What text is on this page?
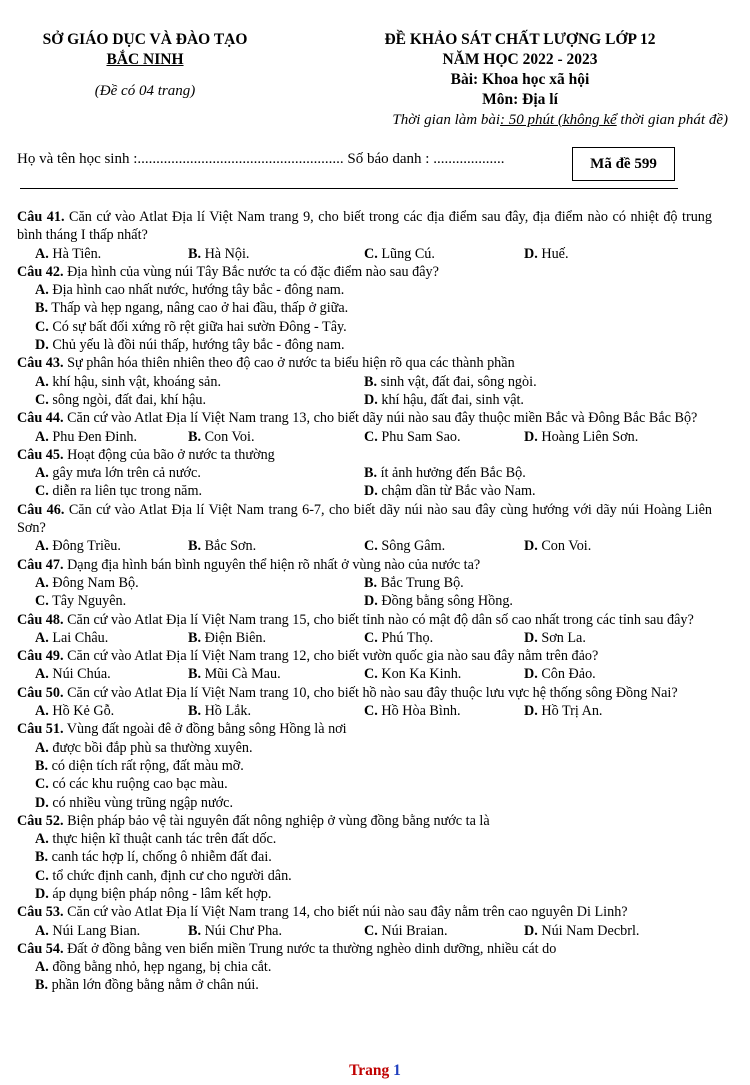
SỞ GIÁO DỤC VÀ ĐÀO TẠO
BẮC NINH
(Đề có 04 trang)
ĐỀ KHẢO SÁT CHẤT LƯỢNG LỚP 12
NĂM HỌC 2022 - 2023
Bài: Khoa học xã hội
Môn: Địa lí
Thời gian làm bài: 50 phút (không kể thời gian phát đề)
Họ và tên học sinh :....................................................... Số báo danh : ...................	Mã đề 599
Câu 41. Căn cứ vào Atlat Địa lí Việt Nam trang 9, cho biết trong các địa điểm sau đây, địa điểm nào có nhiệt độ trung bình tháng I thấp nhất?
A. Hà Tiên.	B. Hà Nội.	C. Lũng Cú.	D. Huế.
Câu 42. Địa hình của vùng núi Tây Bắc nước ta có đặc điểm nào sau đây?
A. Địa hình cao nhất nước, hướng tây bắc - đông nam.
B. Thấp và hẹp ngang, nâng cao ở hai đầu, thấp ở giữa.
C. Có sự bất đối xứng rõ rệt giữa hai sườn Đông - Tây.
D. Chủ yếu là đồi núi thấp, hướng tây bắc - đông nam.
Câu 43. Sự phân hóa thiên nhiên theo độ cao ở nước ta biểu hiện rõ qua các thành phần
A. khí hậu, sinh vật, khoáng sản.	B. sinh vật, đất đai, sông ngòi.
C. sông ngòi, đất đai, khí hậu.	D. khí hậu, đất đai, sinh vật.
Câu 44. Căn cứ vào Atlat Địa lí Việt Nam trang 13, cho biết dãy núi nào sau đây thuộc miền Bắc và Đông Bắc Bắc Bộ?
A. Phu Đen Đinh.	B. Con Voi.	C. Phu Sam Sao.	D. Hoàng Liên Sơn.
Câu 45. Hoạt động của bão ở nước ta thường
A. gây mưa lớn trên cả nước.	B. ít ảnh hưởng đến Bắc Bộ.
C. diễn ra liên tục trong năm.	D. chậm dần từ Bắc vào Nam.
Câu 46. Căn cứ vào Atlat Địa lí Việt Nam trang 6-7, cho biết dãy núi nào sau đây cùng hướng với dãy núi Hoàng Liên Sơn?
A. Đông Triều.	B. Bắc Sơn.	C. Sông Gâm.	D. Con Voi.
Câu 47. Dạng địa hình bán bình nguyên thể hiện rõ nhất ở vùng nào của nước ta?
A. Đông Nam Bộ.	B. Bắc Trung Bộ.
C. Tây Nguyên.	D. Đồng bằng sông Hồng.
Câu 48. Căn cứ vào Atlat Địa lí Việt Nam trang 15, cho biết tỉnh nào có mật độ dân số cao nhất trong các tỉnh sau đây?
A. Lai Châu.	B. Điện Biên.	C. Phú Thọ.	D. Sơn La.
Câu 49. Căn cứ vào Atlat Địa lí Việt Nam trang 12, cho biết vườn quốc gia nào sau đây nằm trên đảo?
A. Núi Chúa.	B. Mũi Cà Mau.	C. Kon Ka Kinh.	D. Côn Đảo.
Câu 50. Căn cứ vào Atlat Địa lí Việt Nam trang 10, cho biết hồ nào sau đây thuộc lưu vực hệ thống sông Đồng Nai?
A. Hồ Kẻ Gỗ.	B. Hồ Lắk.	C. Hồ Hòa Bình.	D. Hồ Trị An.
Câu 51. Vùng đất ngoài đê ở đồng bằng sông Hồng là nơi
A. được bồi đắp phù sa thường xuyên.
B. có diện tích rất rộng, đất màu mỡ.
C. có các khu ruộng cao bạc màu.
D. có nhiều vùng trũng ngập nước.
Câu 52. Biện pháp bảo vệ tài nguyên đất nông nghiệp ở vùng đồng bằng nước ta là
A. thực hiện kĩ thuật canh tác trên đất dốc.
B. canh tác hợp lí, chống ô nhiễm đất đai.
C. tổ chức định canh, định cư cho người dân.
D. áp dụng biện pháp nông - lâm kết hợp.
Câu 53. Căn cứ vào Atlat Địa lí Việt Nam trang 14, cho biết núi nào sau đây nằm trên cao nguyên Di Linh?
A. Núi Lang Bian.	B. Núi Chư Pha.	C. Núi Braian.	D. Núi Nam Decbrl.
Câu 54. Đất ở đồng bằng ven biển miền Trung nước ta thường nghèo dinh dưỡng, nhiều cát do
A. đồng bằng nhỏ, hẹp ngang, bị chia cắt.
B. phần lớn đồng bằng nằm ở chân núi.
Trang 1
